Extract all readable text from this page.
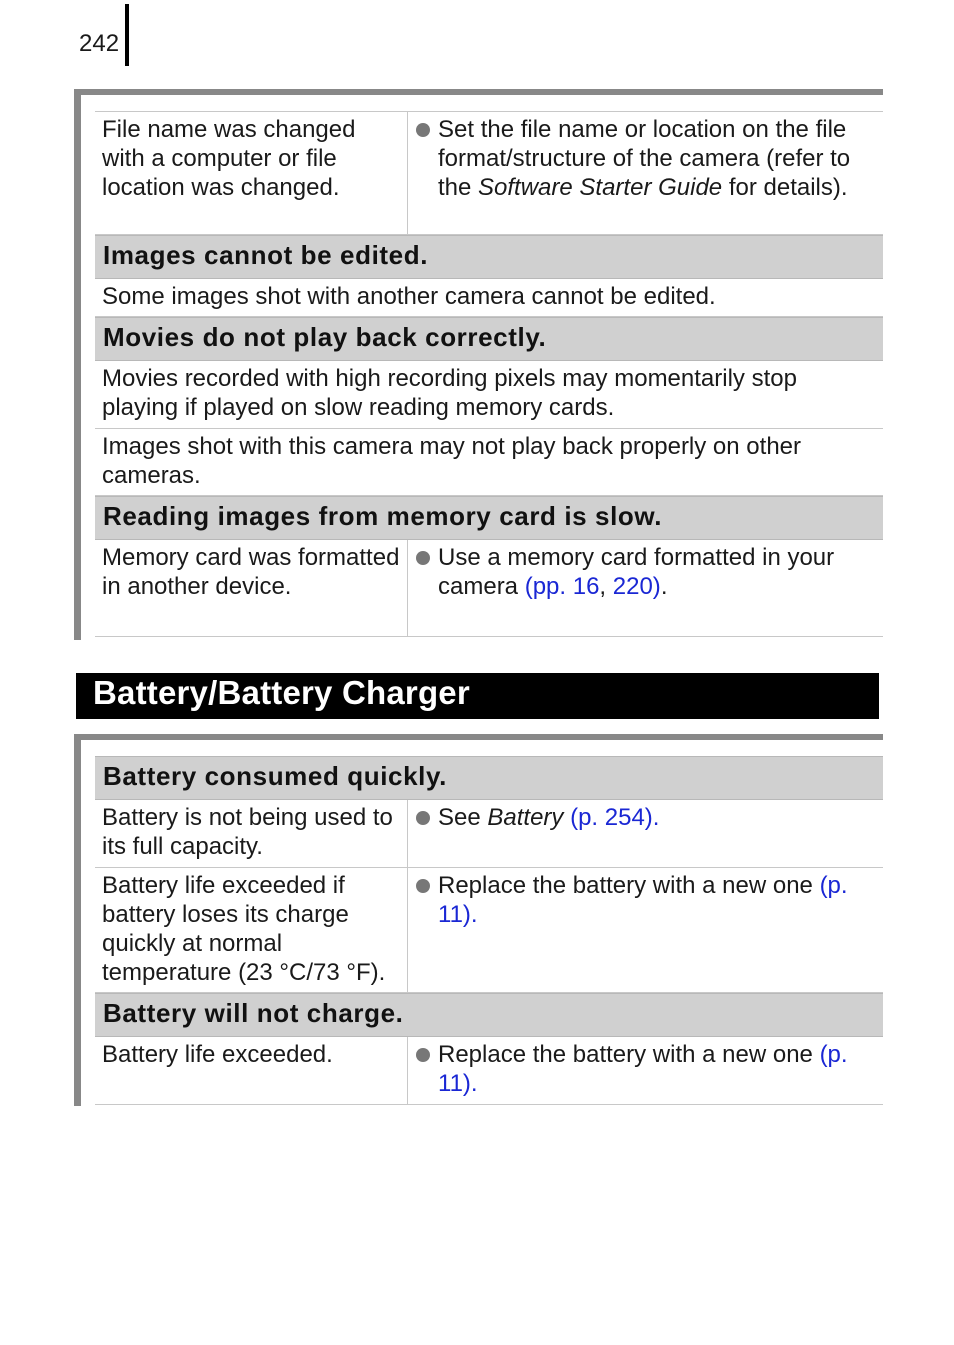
242
File name was changed with a computer or file location was changed.
Set the file name or location on the file format/structure of the camera (refer to the Software Starter Guide for details).
Images cannot be edited.
Some images shot with another camera cannot be edited.
Movies do not play back correctly.
Movies recorded with high recording pixels may momentarily stop playing if played on slow reading memory cards.
Images shot with this camera may not play back properly on other cameras.
Reading images from memory card is slow.
Memory card was formatted in another device.
Use a memory card formatted in your camera (pp. 16, 220).
Battery/Battery Charger
Battery consumed quickly.
Battery is not being used to its full capacity.
See Battery (p. 254).
Battery life exceeded if battery loses its charge quickly at normal temperature (23 °C/73 °F).
Replace the battery with a new one (p. 11).
Battery will not charge.
Battery life exceeded.	Replace the battery with a new one (p. 11).
